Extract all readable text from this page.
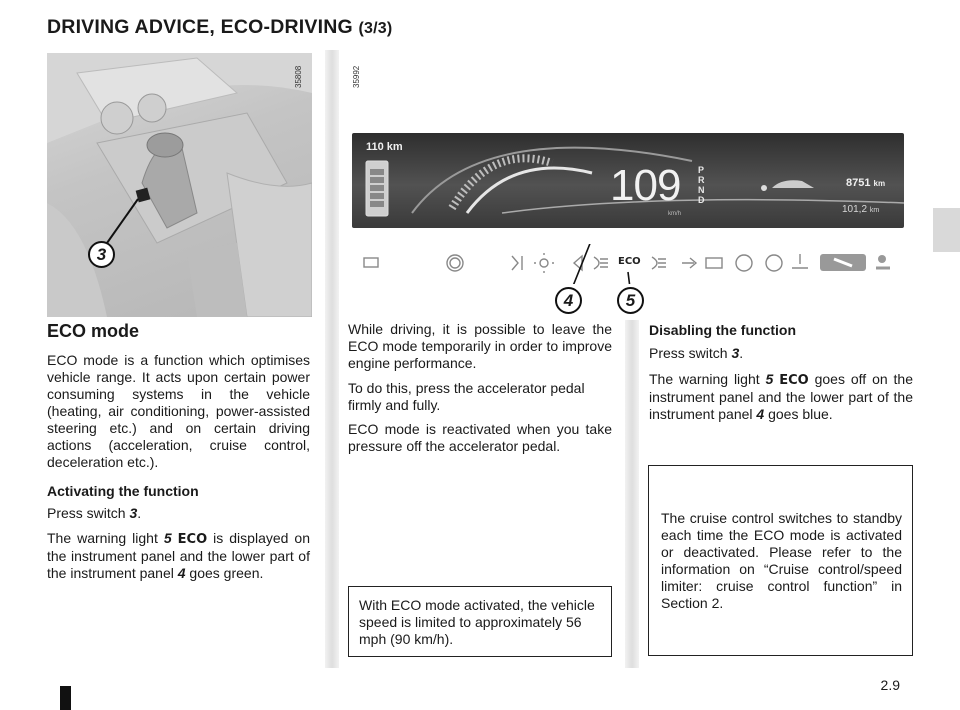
DRIVING ADVICE, ECO-DRIVING (3/3)
3
35808	35992
110 km
109
km/h
P
R
N
D
8751 km
101,2 km
ECO
4	5
ECO mode
ECO mode is a function which optimises vehicle range. It acts upon certain power consuming systems in the vehicle (heating, air conditioning, power-assisted steering etc.) and on certain driving actions (acceleration, cruise control, deceleration etc.).
Activating the function
Press switch 3.
The warning light 5 ECO is displayed on the instrument panel and the lower part of the instrument panel 4 goes green.
While driving, it is possible to leave the ECO mode temporarily in order to improve engine performance.
To do this, press the accelerator pedal firmly and fully.
ECO mode is reactivated when you take pressure off the accelerator pedal.
With ECO mode activated, the vehicle speed is limited to approximately 56 mph (90 km/h).
Disabling the function
Press switch 3.
The warning light 5 ECO goes off on the instrument panel and the lower part of the instrument panel 4 goes blue.
The cruise control switches to standby each time the ECO mode is activated or deactivated. Please refer to the information on “Cruise control/speed limiter: cruise control function” in Section 2.
2.9
